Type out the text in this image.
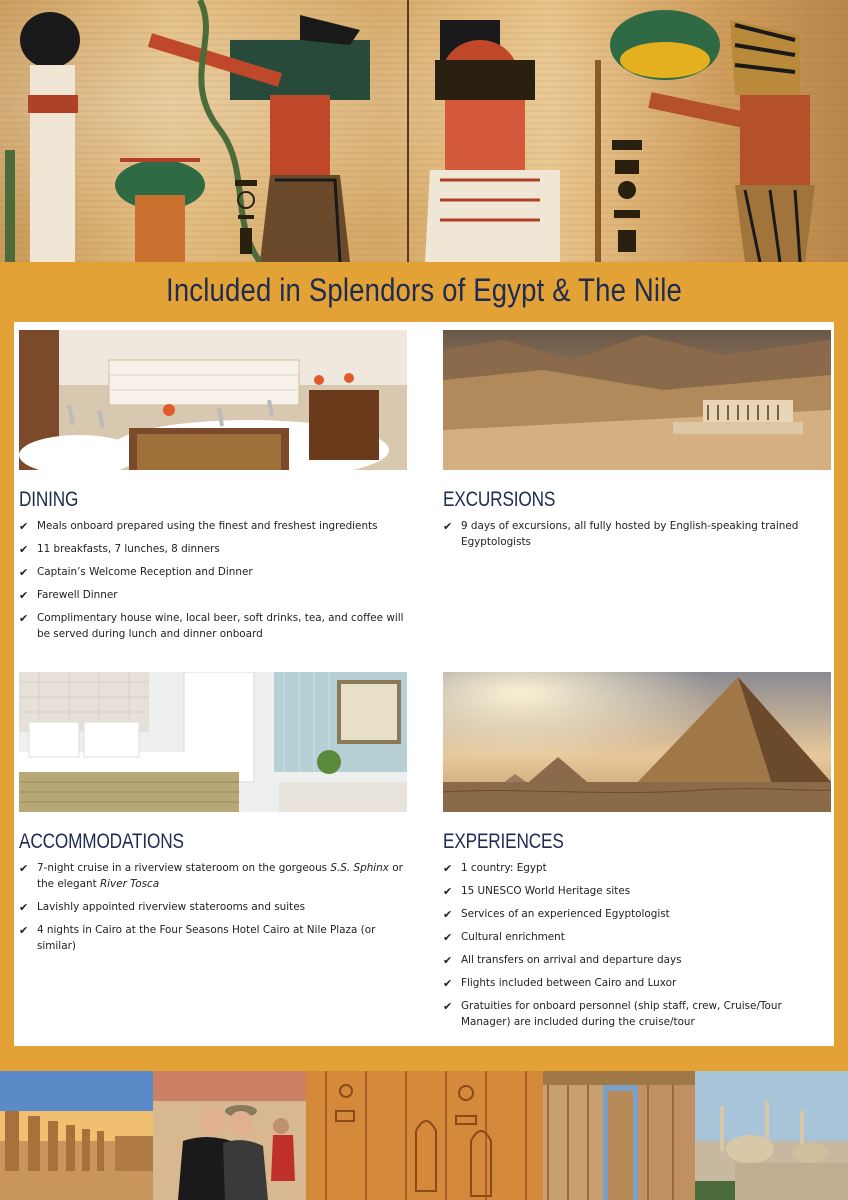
Included in Splendors of Egypt & The Nile
DINING
✔ Meals onboard prepared using the finest and freshest ingredients
✔ 11 breakfasts, 7 lunches, 8 dinners
✔ Captain’s Welcome Reception and Dinner
✔ Farewell Dinner
✔ Complimentary house wine, local beer, soft drinks, tea, and coffee will be served during lunch and dinner onboard
EXCURSIONS
✔ 9 days of excursions, all fully hosted by English-speaking trained Egyptologists
ACCOMMODATIONS
✔ 7-night cruise in a riverview stateroom on the gorgeous S.S. Sphinx or the elegant River Tosca
✔ Lavishly appointed riverview staterooms and suites
✔ 4 nights in Cairo at the Four Seasons Hotel Cairo at Nile Plaza (or similar)
EXPERIENCES
✔ 1 country: Egypt
✔ 15 UNESCO World Heritage sites
✔ Services of an experienced Egyptologist
✔ Cultural enrichment
✔ All transfers on arrival and departure days
✔ Flights included between Cairo and Luxor
✔ Gratuities for onboard personnel (ship staff, crew, Cruise/Tour Manager) are included during the cruise/tour
